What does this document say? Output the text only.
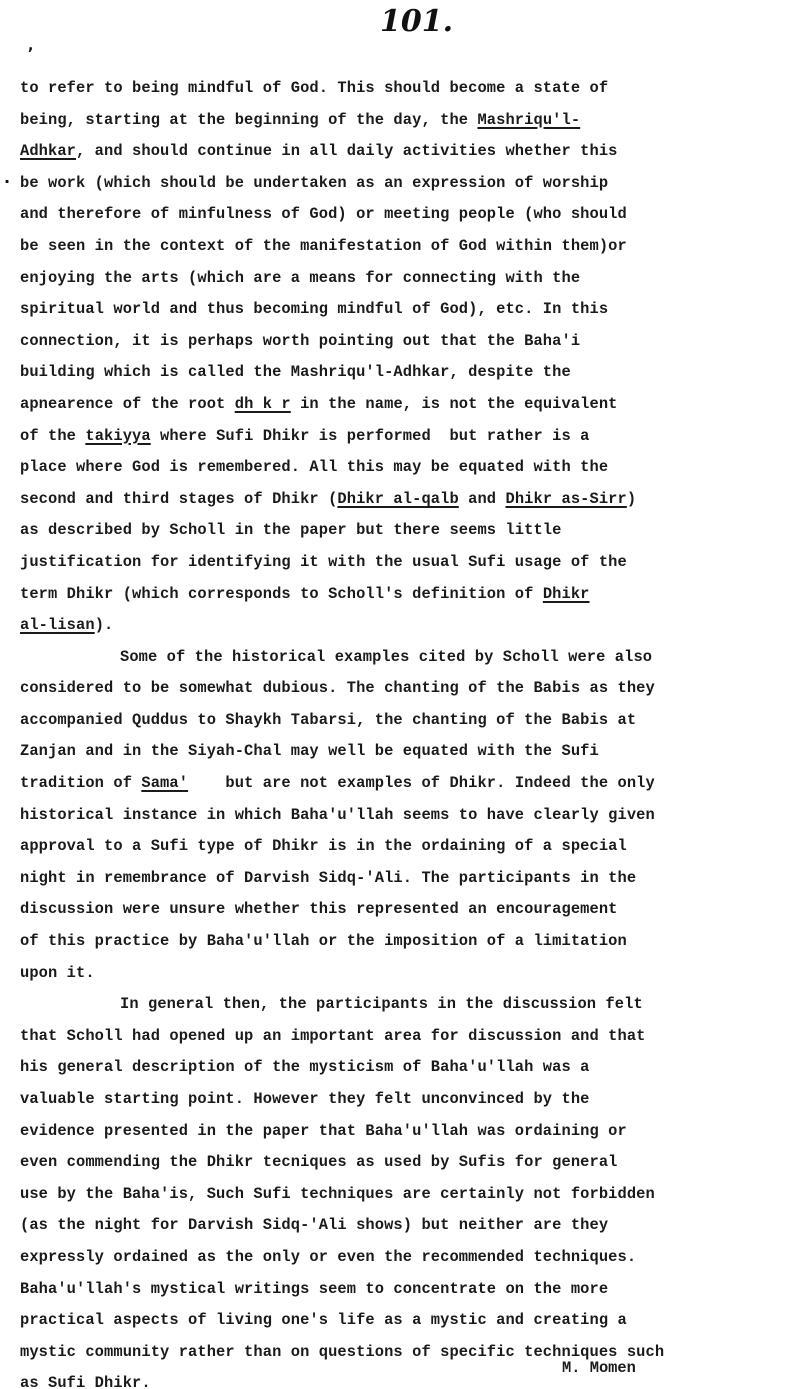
101.
,
.
to refer to being mindful of God. This should become a state of
being, starting at the beginning of the day, the Mashriqu'l-
Adhkar, and should continue in all daily activities whether this
be work (which should be undertaken as an expression of worship
and therefore of minfulness of God) or meeting people (who should
be seen in the context of the manifestation of God within them)or
enjoying the arts (which are a means for connecting with the
spiritual world and thus becoming mindful of God), etc. In this
connection, it is perhaps worth pointing out that the Baha'i
building which is called the Mashriqu'l-Adhkar, despite the
apnearence of the root dh k r in the name, is not the equivalent
of the takiyya where Sufi Dhikr is performed  but rather is a
place where God is remembered. All this may be equated with the
second and third stages of Dhikr (Dhikr al-qalb and Dhikr as-Sirr)
as described by Scholl in the paper but there seems little
justification for identifying it with the usual Sufi usage of the
term Dhikr (which corresponds to Scholl's definition of Dhikr
al-lisan).
Some of the historical examples cited by Scholl were also
considered to be somewhat dubious. The chanting of the Babis as they
accompanied Quddus to Shaykh Tabarsi, the chanting of the Babis at
Zanjan and in the Siyah-Chal may well be equated with the Sufi
tradition of Sama'    but are not examples of Dhikr. Indeed the only
historical instance in which Baha'u'llah seems to have clearly given
approval to a Sufi type of Dhikr is in the ordaining of a special
night in remembrance of Darvish Sidq-'Ali. The participants in the
discussion were unsure whether this represented an encouragement
of this practice by Baha'u'llah or the imposition of a limitation
upon it.
In general then, the participants in the discussion felt
that Scholl had opened up an important area for discussion and that
his general description of the mysticism of Baha'u'llah was a
valuable starting point. However they felt unconvinced by the
evidence presented in the paper that Baha'u'llah was ordaining or
even commending the Dhikr tecniques as used by Sufis for general
use by the Baha'is, Such Sufi techniques are certainly not forbidden
(as the night for Darvish Sidq-'Ali shows) but neither are they
expressly ordained as the only or even the recommended techniques.
Baha'u'llah's mystical writings seem to concentrate on the more
practical aspects of living one's life as a mystic and creating a
mystic community rather than on questions of specific techniques such
as Sufi Dhikr.
M. Momen
